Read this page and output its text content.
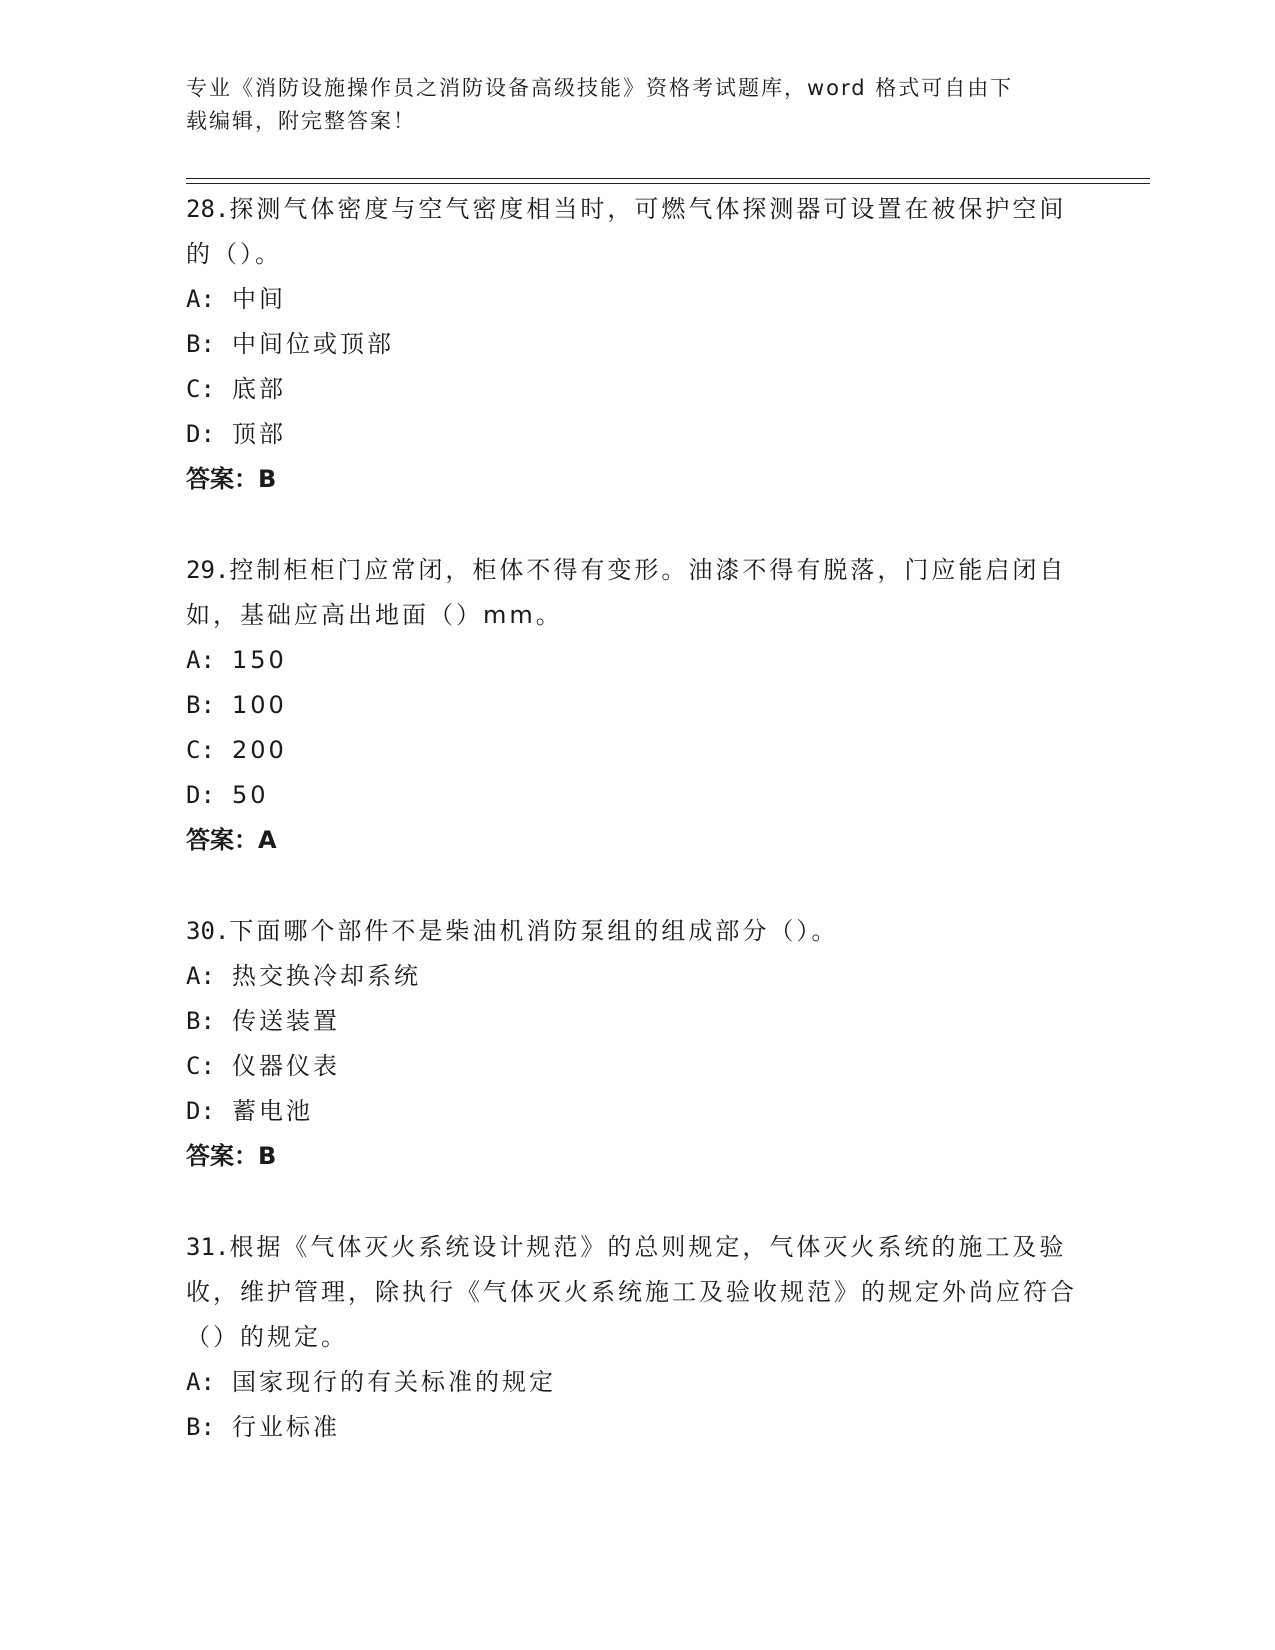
专业《消防设施操作员之消防设备高级技能》资格考试题库，word 格式可自由下
载编辑，附完整答案！

28.探测气体密度与空气密度相当时，可燃气体探测器可设置在被保护空间的（）。

A: 中间
B: 中间位或顶部
C: 底部
D: 顶部
答案：B

29.控制柜柜门应常闭，柜体不得有变形。油漆不得有脱落，门应能启闭自如，基础应高出地面（）mm。

A: 150
B: 100
C: 200
D: 50
答案：A

30.下面哪个部件不是柴油机消防泵组的组成部分（）。

A: 热交换冷却系统
B: 传送装置
C: 仪器仪表
D: 蓄电池
答案：B

31.根据《气体灭火系统设计规范》的总则规定，气体灭火系统的施工及验收，维护管理，除执行《气体灭火系统施工及验收规范》的规定外尚应符合（）的规定。

A: 国家现行的有关标准的规定
B: 行业标准
